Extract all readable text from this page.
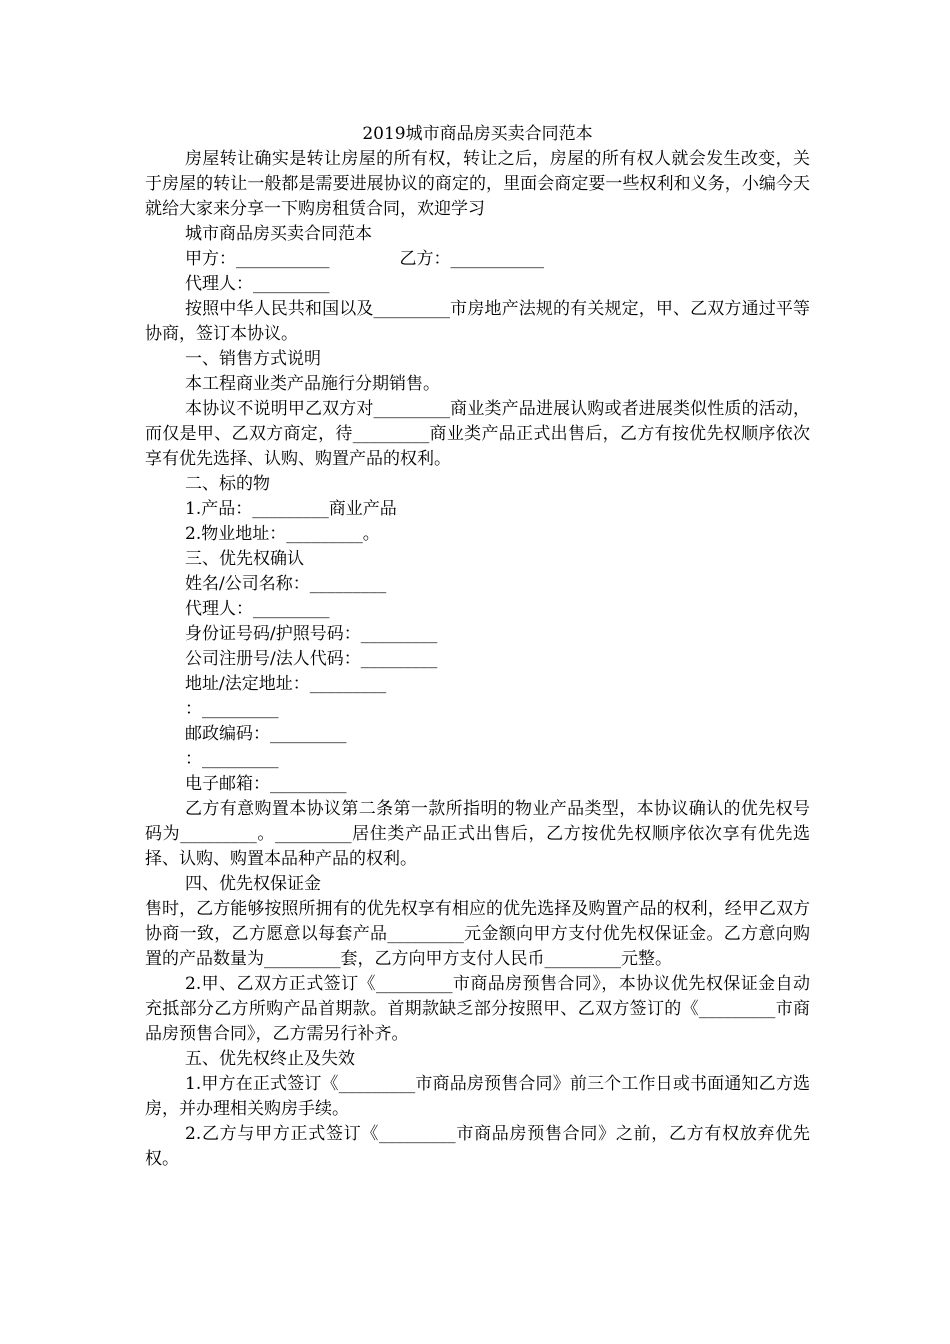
2019城市商品房买卖合同范本

房屋转让确实是转让房屋的所有权，转让之后，房屋的所有权人就会发生改变，关于房屋的转让一般都是需要进展协议的商定的，里面会商定要一些权利和义务，小编今天就给大家来分享一下购房租赁合同，欢迎学习

城市商品房买卖合同范本

甲方：___________	乙方：___________

代理人：_________

按照中华人民共和国以及_________市房地产法规的有关规定，甲、乙双方通过平等协商，签订本协议。

一、销售方式说明

本工程商业类产品施行分期销售。

本协议不说明甲乙双方对_________商业类产品进展认购或者进展类似性质的活动，而仅是甲、乙双方商定，待_________商业类产品正式出售后，乙方有按优先权顺序依次享有优先选择、认购、购置产品的权利。

二、标的物

1.产品：_________商业产品

2.物业地址：_________。

三、优先权确认

姓名/公司名称：_________

代理人：_________

身份证号码/护照号码：_________

公司注册号/法人代码：_________

地址/法定地址：_________

：_________

邮政编码：_________

：_________

电子邮箱：_________

乙方有意购置本协议第二条第一款所指明的物业产品类型，本协议确认的优先权号码为_________。_________居住类产品正式出售后，乙方按优先权顺序依次享有优先选择、认购、购置本品种产品的权利。

四、优先权保证金

售时，乙方能够按照所拥有的优先权享有相应的优先选择及购置产品的权利，经甲乙双方协商一致，乙方愿意以每套产品_________元金额向甲方支付优先权保证金。乙方意向购置的产品数量为_________套，乙方向甲方支付人民币_________元整。

2.甲、乙双方正式签订《_________市商品房预售合同》，本协议优先权保证金自动充抵部分乙方所购产品首期款。首期款缺乏部分按照甲、乙双方签订的《_________市商品房预售合同》，乙方需另行补齐。

五、优先权终止及失效

1.甲方在正式签订《_________市商品房预售合同》前三个工作日或书面通知乙方选房，并办理相关购房手续。

2.乙方与甲方正式签订《_________市商品房预售合同》之前，乙方有权放弃优先权。
